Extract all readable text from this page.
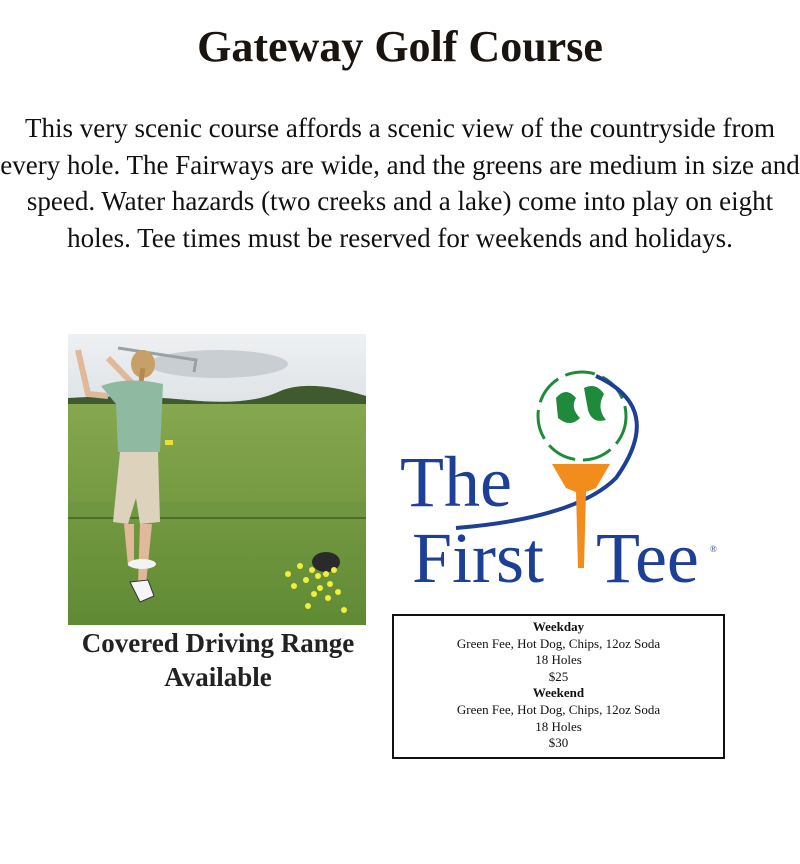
Gateway Golf Course

This very scenic course affords a scenic view of the countryside from every hole. The Fairways are wide, and the greens are medium in size and speed. Water hazards (two creeks and a lake) come into play on eight holes. Tee times must be reserved for weekends and holidays.

Covered Driving Range
Available
The
First Tee ®
Weekday
Green Fee, Hot Dog, Chips, 12oz Soda
18 Holes
$25
Weekend
Green Fee, Hot Dog, Chips, 12oz Soda
18 Holes
$30
